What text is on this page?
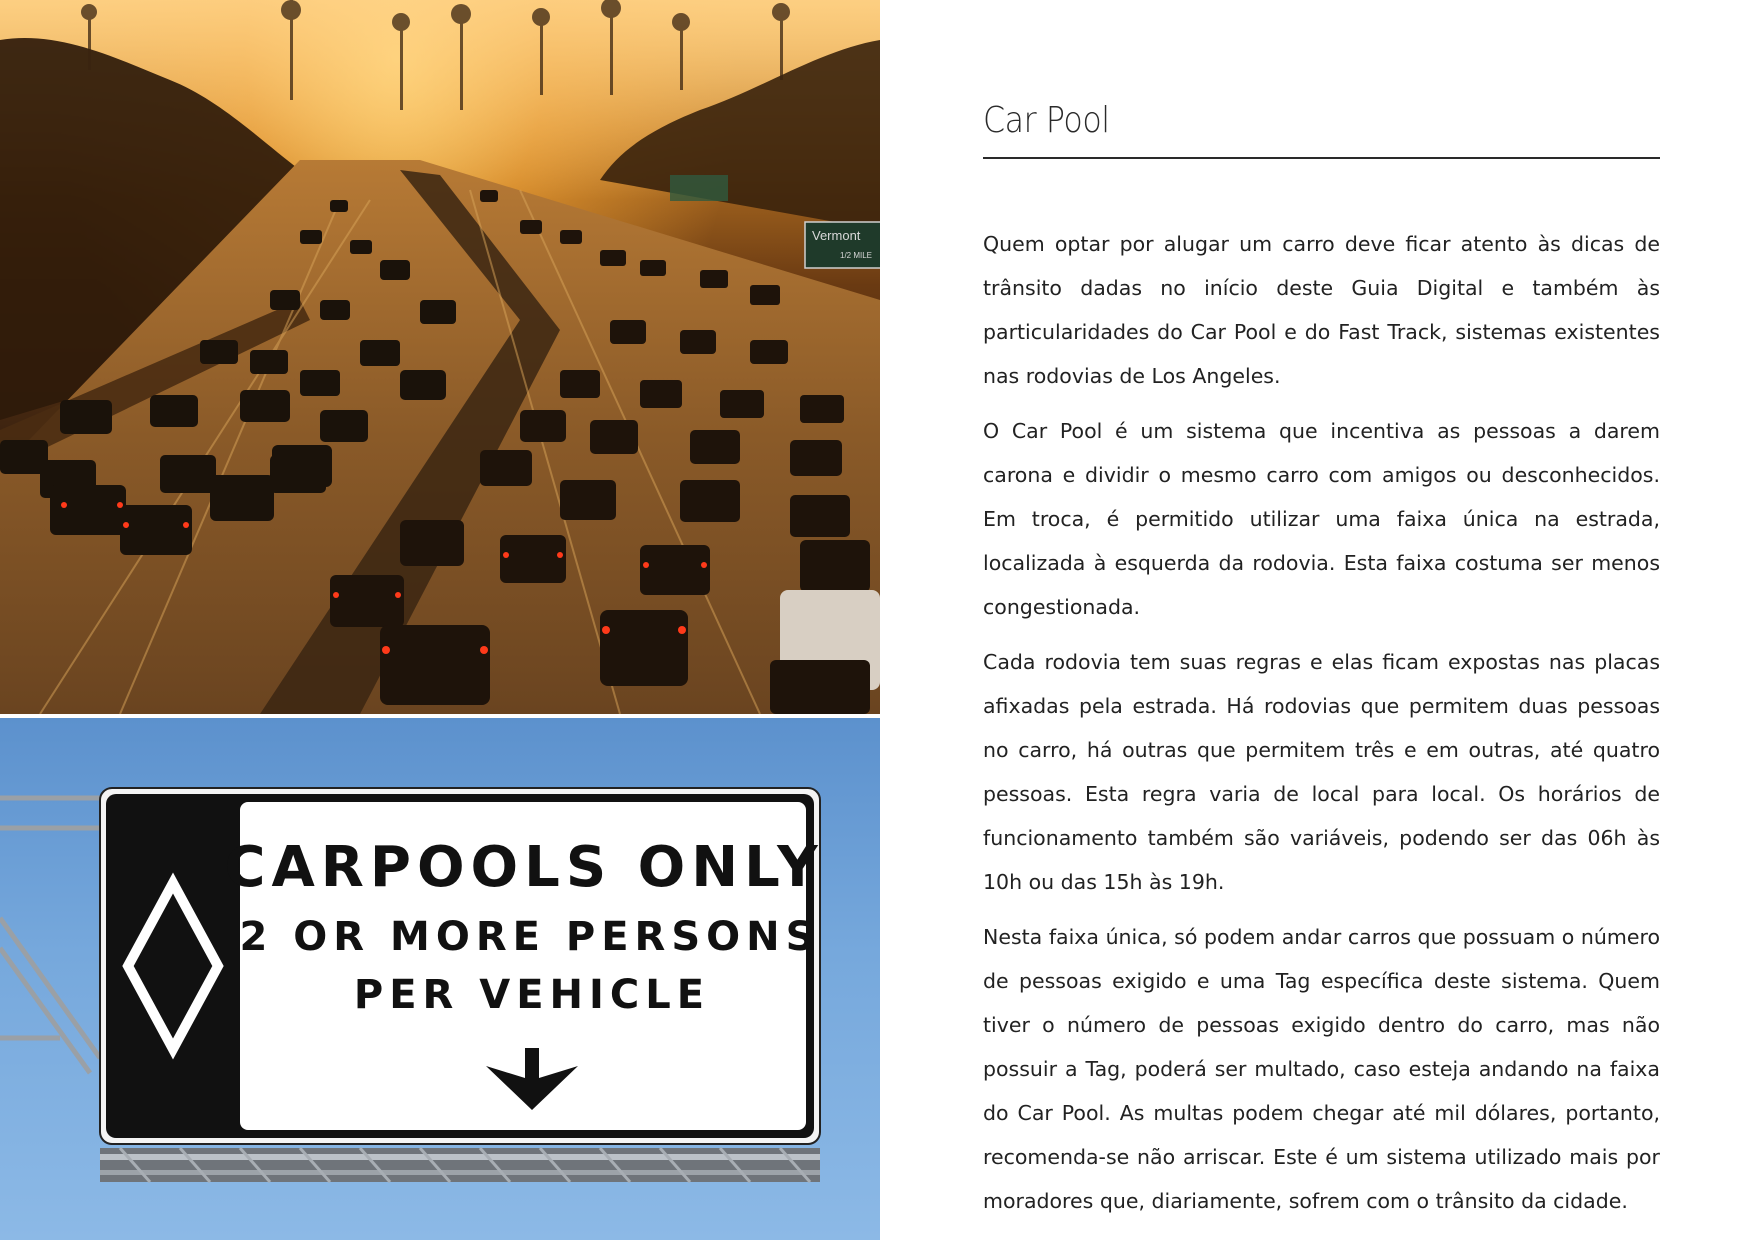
Vermont
1/2 MILE
CARPOOLS ONLY
2 OR MORE PERSONS
PER VEHICLE
Car Pool

Quem optar por alugar um carro deve ficar atento às dicas de trânsito dadas no início deste Guia Digital e também às particularidades do Car Pool e do Fast Track, sistemas existentes nas rodovias de Los Angeles.

O Car Pool é um sistema que incentiva as pessoas a darem carona e dividir o mesmo carro com amigos ou desconhecidos. Em troca, é permitido utilizar uma faixa única na estrada, localizada à esquerda da rodovia. Esta faixa costuma ser menos congestionada.

Cada rodovia tem suas regras e elas ficam expostas nas placas afixadas pela estrada. Há rodovias que permitem duas pessoas no carro, há outras que permitem três e em outras, até quatro pessoas. Esta regra varia de local para local. Os horários de funcionamento também são variáveis, podendo ser das 06h às 10h ou das 15h às 19h.

Nesta faixa única, só podem andar carros que possuam o número de pessoas exigido e uma Tag específica deste sistema. Quem tiver o número de pessoas exigido dentro do carro, mas não possuir a Tag, poderá ser multado, caso esteja andando na faixa do Car Pool. As multas podem chegar até mil dólares, portanto, recomenda-se não arriscar. Este é um sistema utilizado mais por moradores que, diariamente, sofrem com o trânsito da cidade.
